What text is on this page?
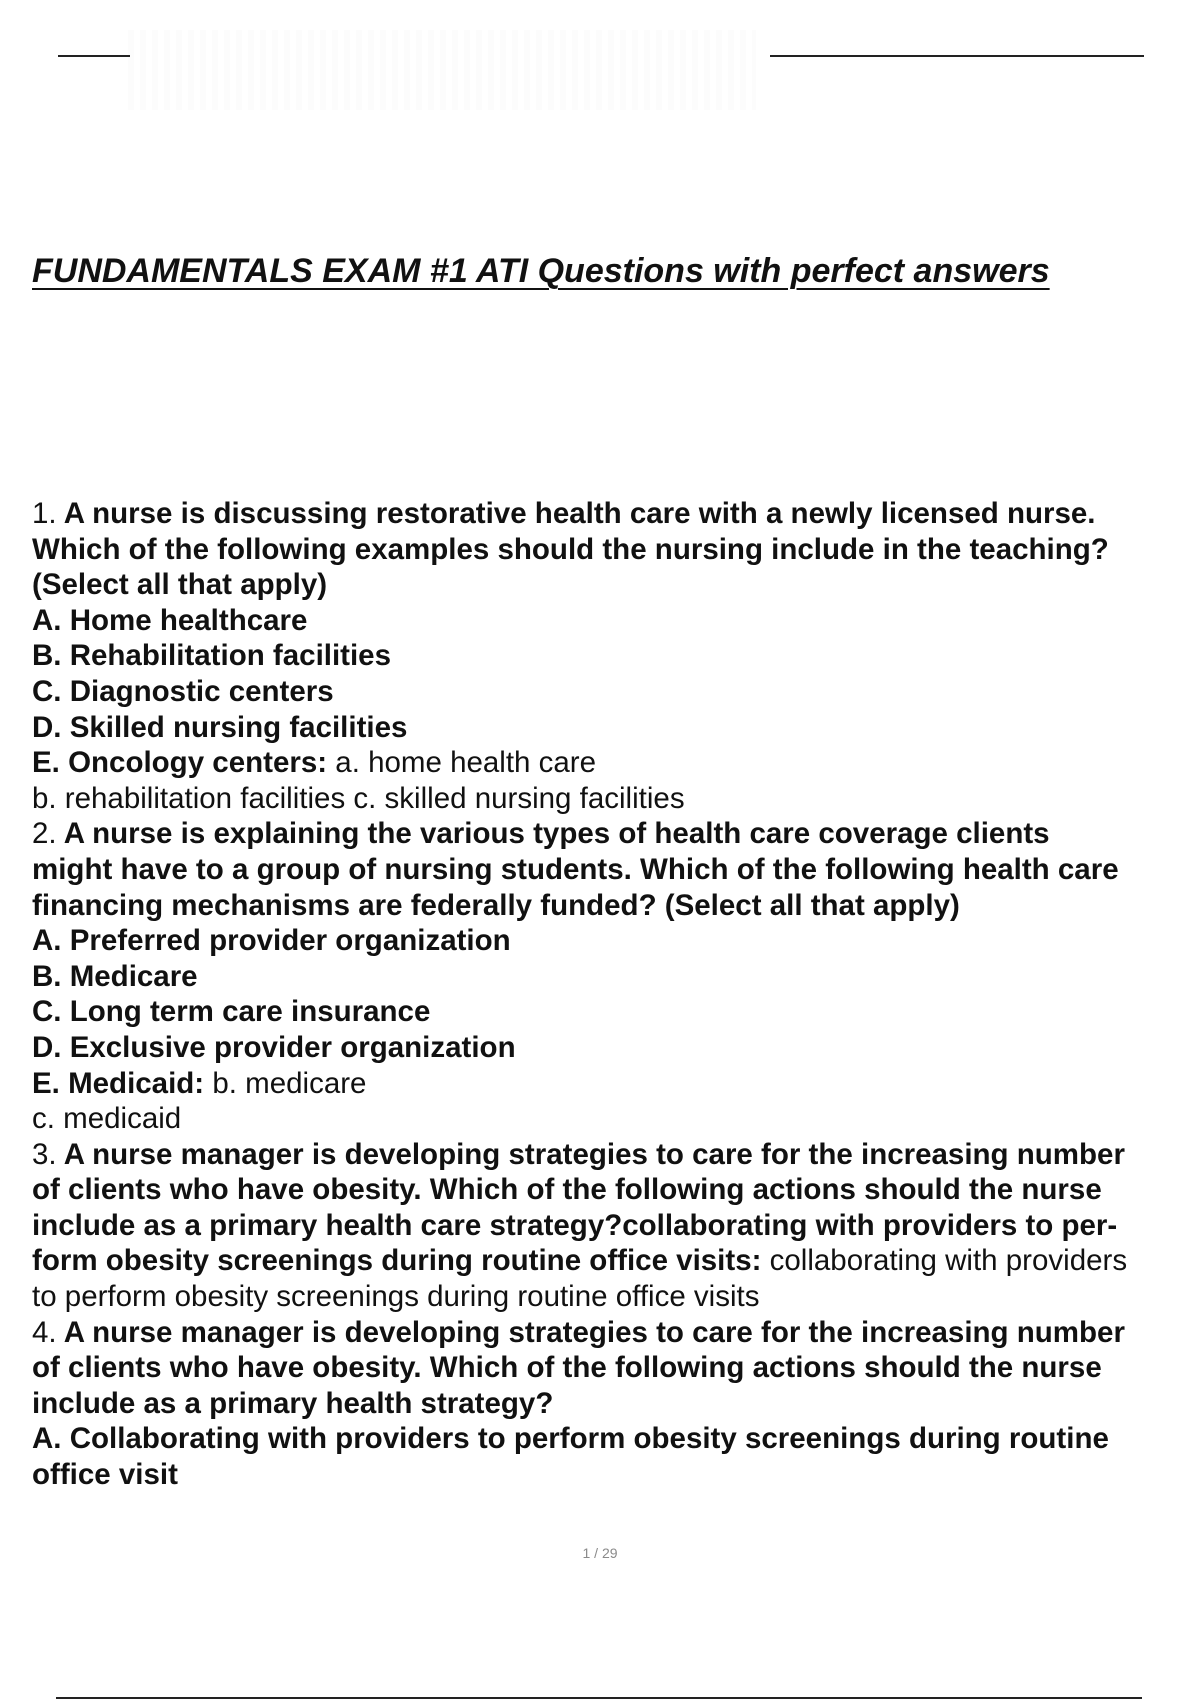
FUNDAMENTALS EXAM #1 ATI Questions with perfect answers
1. A nurse is discussing restorative health care with a newly licensed nurse.
Which of the following examples should the nursing include in the teaching?
(Select all that apply)
A. Home healthcare
B. Rehabilitation facilities
C. Diagnostic centers
D. Skilled nursing facilities
E. Oncology centers: a. home health care
b. rehabilitation facilities c. skilled nursing facilities
2. A nurse is explaining the various types of health care coverage clients
might have to a group of nursing students. Which of the following health care
financing mechanisms are federally funded? (Select all that apply)
A. Preferred provider organization
B. Medicare
C. Long term care insurance
D. Exclusive provider organization
E. Medicaid: b. medicare
c. medicaid
3. A nurse manager is developing strategies to care for the increasing number
of clients who have obesity. Which of the following actions should the nurse
include as a primary health care strategy?collaborating with providers to per-
form obesity screenings during routine office visits: collaborating with providers
to perform obesity screenings during routine office visits
4. A nurse manager is developing strategies to care for the increasing number
of clients who have obesity. Which of the following actions should the nurse
include as a primary health strategy?
A. Collaborating with providers to perform obesity screenings during routine
office visit
1 / 29
